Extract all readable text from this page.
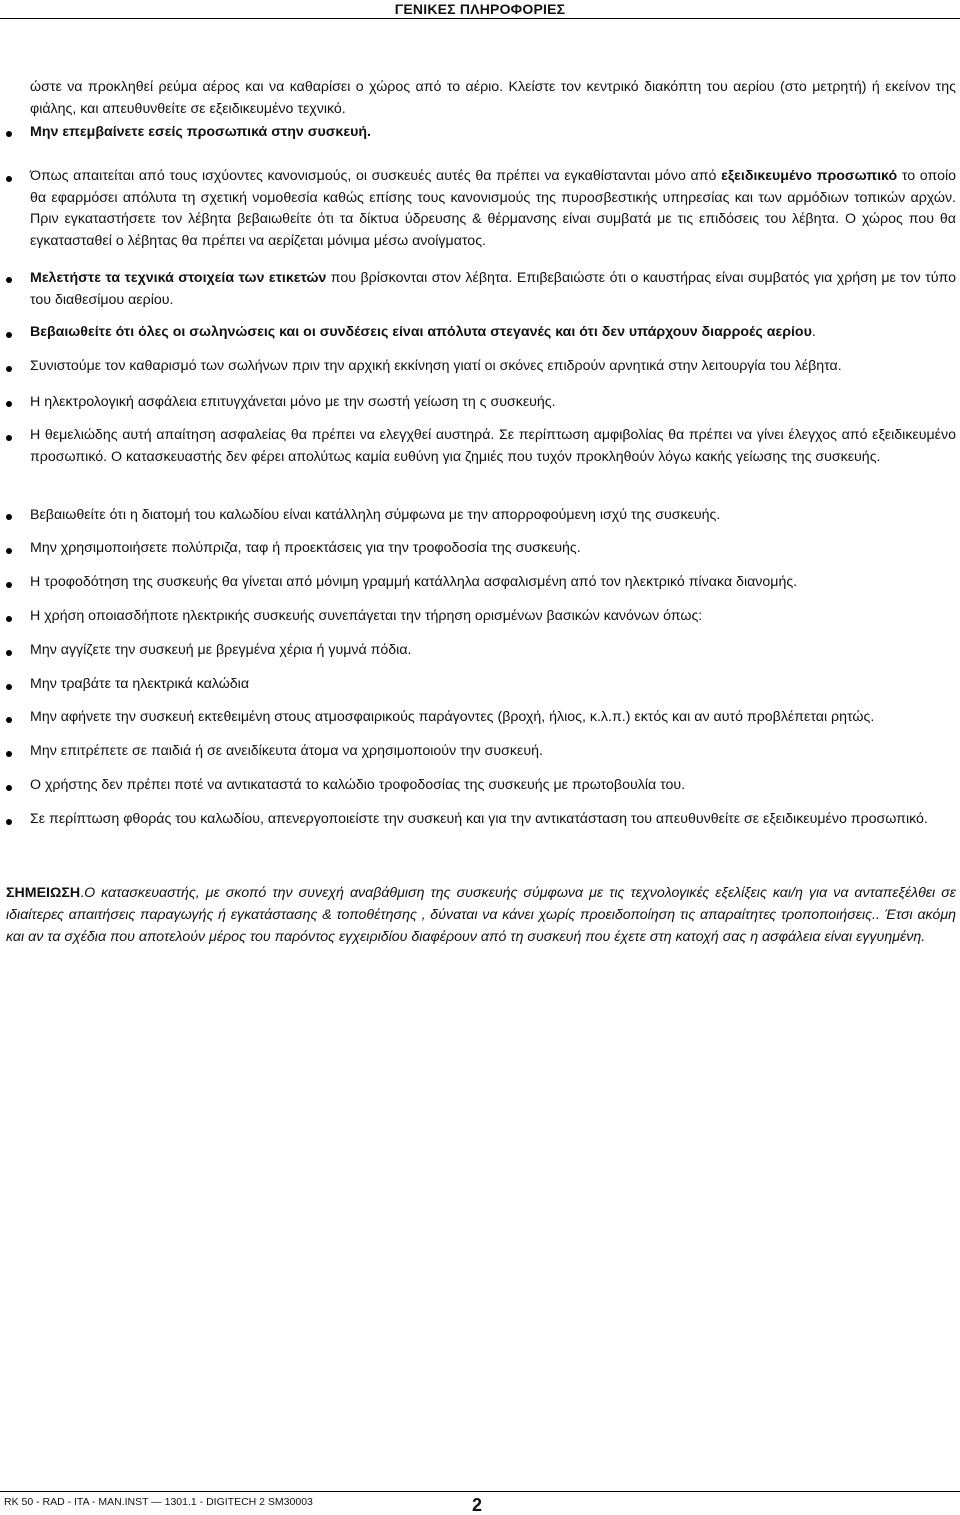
ΓΕΝΙΚΕΣ ΠΛΗΡΟΦΟΡΙΕΣ

ώστε να προκληθεί ρεύμα αέρος και να καθαρίσει ο χώρος από το αέριο. Κλείστε τον κεντρικό διακόπτη του αερίου (στο μετρητή) ή εκείνον της φιάλης, και απευθυνθείτε σε εξειδικευμένο τεχνικό.

Μην επεμβαίνετε εσείς προσωπικά στην συσκευή.

Όπως απαιτείται από τους ισχύοντες κανονισμούς, οι συσκευές αυτές θα πρέπει να εγκαθίστανται μόνο από εξειδικευμένο προσωπικό το οποίο θα εφαρμόσει απόλυτα τη σχετική νομοθεσία καθώς επίσης τους κανονισμούς της πυροσβεστικής υπηρεσίας και των αρμόδιων τοπικών αρχών. Πριν εγκαταστήσετε τον λέβητα βεβαιωθείτε ότι τα δίκτυα ύδρευσης & θέρμανσης είναι συμβατά με τις επιδόσεις του λέβητα. Ο χώρος που θα εγκατασταθεί ο λέβητας θα πρέπει να αερίζεται μόνιμα μέσω ανοίγματος.

Μελετήστε τα τεχνικά στοιχεία των ετικετών που βρίσκονται στον λέβητα. Επιβεβαιώστε ότι ο καυστήρας είναι συμβατός για χρήση με τον τύπο του διαθεσίμου αερίου.

Βεβαιωθείτε ότι όλες οι σωληνώσεις και οι συνδέσεις είναι απόλυτα στεγανές και ότι δεν υπάρχουν διαρροές αερίου.

Συνιστούμε τον καθαρισμό των σωλήνων πριν την αρχική εκκίνηση γιατί οι σκόνες επιδρούν αρνητικά στην λειτουργία του λέβητα.

Η ηλεκτρολογική ασφάλεια επιτυγχάνεται μόνο με την σωστή γείωση τη ς συσκευής.

Η θεμελιώδης αυτή απαίτηση ασφαλείας θα πρέπει να ελεγχθεί αυστηρά. Σε περίπτωση αμφιβολίας θα πρέπει να γίνει έλεγχος από εξειδικευμένο προσωπικό. Ο κατασκευαστής δεν φέρει απολύτως καμία ευθύνη για ζημιές που τυχόν προκληθούν λόγω κακής γείωσης της συσκευής.

Βεβαιωθείτε ότι η διατομή του καλωδίου είναι κατάλληλη σύμφωνα με την απορροφούμενη ισχύ της συσκευής.

Μην χρησιμοποιήσετε πολύπριζα, ταφ ή προεκτάσεις για την τροφοδοσία της συσκευής.

Η τροφοδότηση της συσκευής θα γίνεται από μόνιμη γραμμή κατάλληλα ασφαλισμένη από τον ηλεκτρικό πίνακα διανομής.

Η χρήση οποιασδήποτε ηλεκτρικής συσκευής συνεπάγεται την τήρηση ορισμένων βασικών κανόνων όπως:

Μην αγγίζετε την συσκευή με βρεγμένα χέρια ή γυμνά πόδια.

Μην τραβάτε τα ηλεκτρικά καλώδια

Μην αφήνετε την συσκευή εκτεθειμένη στους ατμοσφαιρικούς παράγοντες (βροχή, ήλιος, κ.λ.π.) εκτός και αν αυτό προβλέπεται ρητώς.

Μην επιτρέπετε σε παιδιά ή σε ανειδίκευτα άτομα να χρησιμοποιούν την συσκευή.

Ο χρήστης δεν πρέπει ποτέ να αντικαταστά το καλώδιο τροφοδοσίας της συσκευής με πρωτοβουλία του.

Σε περίπτωση φθοράς του καλωδίου, απενεργοποιείστε την συσκευή και για την αντικατάσταση του απευθυνθείτε σε εξειδικευμένο προσωπικό.

ΣΗΜΕΙΩΣΗ.Ο κατασκευαστής, με σκοπό την συνεχή αναβάθμιση της συσκευής σύμφωνα με τις τεχνολογικές εξελίξεις και/η για να ανταπεξέλθει σε ιδιαίτερες απαιτήσεις παραγωγής ή εγκατάστασης & τοποθέτησης , δύναται να κάνει χωρίς προειδοποίηση τις απαραίτητες τροποποιήσεις.. Έτσι ακόμη και αν τα σχέδια που αποτελούν μέρος του παρόντος εγχειριδίου διαφέρουν από τη συσκευή που έχετε στη κατοχή σας η ασφάλεια είναι εγγυημένη.

RK 50 - RAD - ITA - MAN.INST — 1301.1 - DIGITECH 2 SM30003	2
